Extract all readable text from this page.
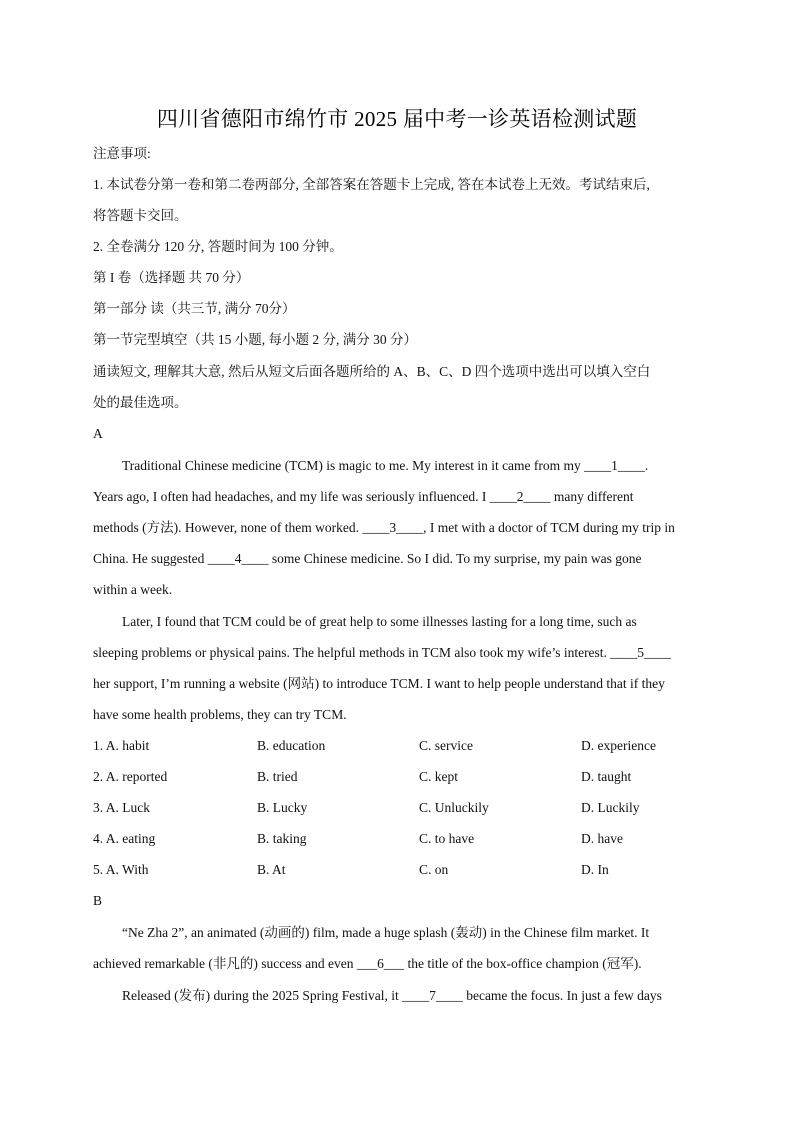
四川省德阳市绵竹市 2025 届中考一诊英语检测试题
注意事项:
1. 本试卷分第一卷和第二卷两部分, 全部答案在答题卡上完成, 答在本试卷上无效。考试结束后,
将答题卡交回。
2. 全卷满分 120 分, 答题时间为 100 分钟。
第 I 卷（选择题 共 70 分）
第一部分 读（共三节, 满分 70分）
第一节完型填空（共 15 小题, 每小题 2 分, 满分 30 分）
通读短文, 理解其大意, 然后从短文后面各题所给的 A、B、C、D 四个选项中选出可以填入空白
处的最佳选项。
A
Traditional Chinese medicine (TCM) is magic to me. My interest in it came from my ____1____.
Years ago, I often had headaches, and my life was seriously influenced. I ____2____ many different
methods (方法). However, none of them worked. ____3____, I met with a doctor of TCM during my trip in
China. He suggested ____4____ some Chinese medicine. So I did. To my surprise, my pain was gone
within a week.
Later, I found that TCM could be of great help to some illnesses lasting for a long time, such as
sleeping problems or physical pains. The helpful methods in TCM also took my wife’s interest. ____5____
her support, I’m running a website (网站) to introduce TCM. I want to help people understand that if they
have some health problems, they can try TCM.
1. A. habit	B. education	C. service	D. experience
2. A. reported	B. tried	C. kept	D. taught
3. A. Luck	B. Lucky	C. Unluckily	D. Luckily
4. A. eating	B. taking	C. to have	D. have
5. A. With	B. At	C. on	D. In
B
“Ne Zha 2”, an animated (动画的) film, made a huge splash (轰动) in the Chinese film market. It
achieved remarkable (非凡的) success and even ___6___ the title of the box-office champion (冠军).
Released (发布) during the 2025 Spring Festival, it ____7____ became the focus. In just a few days
